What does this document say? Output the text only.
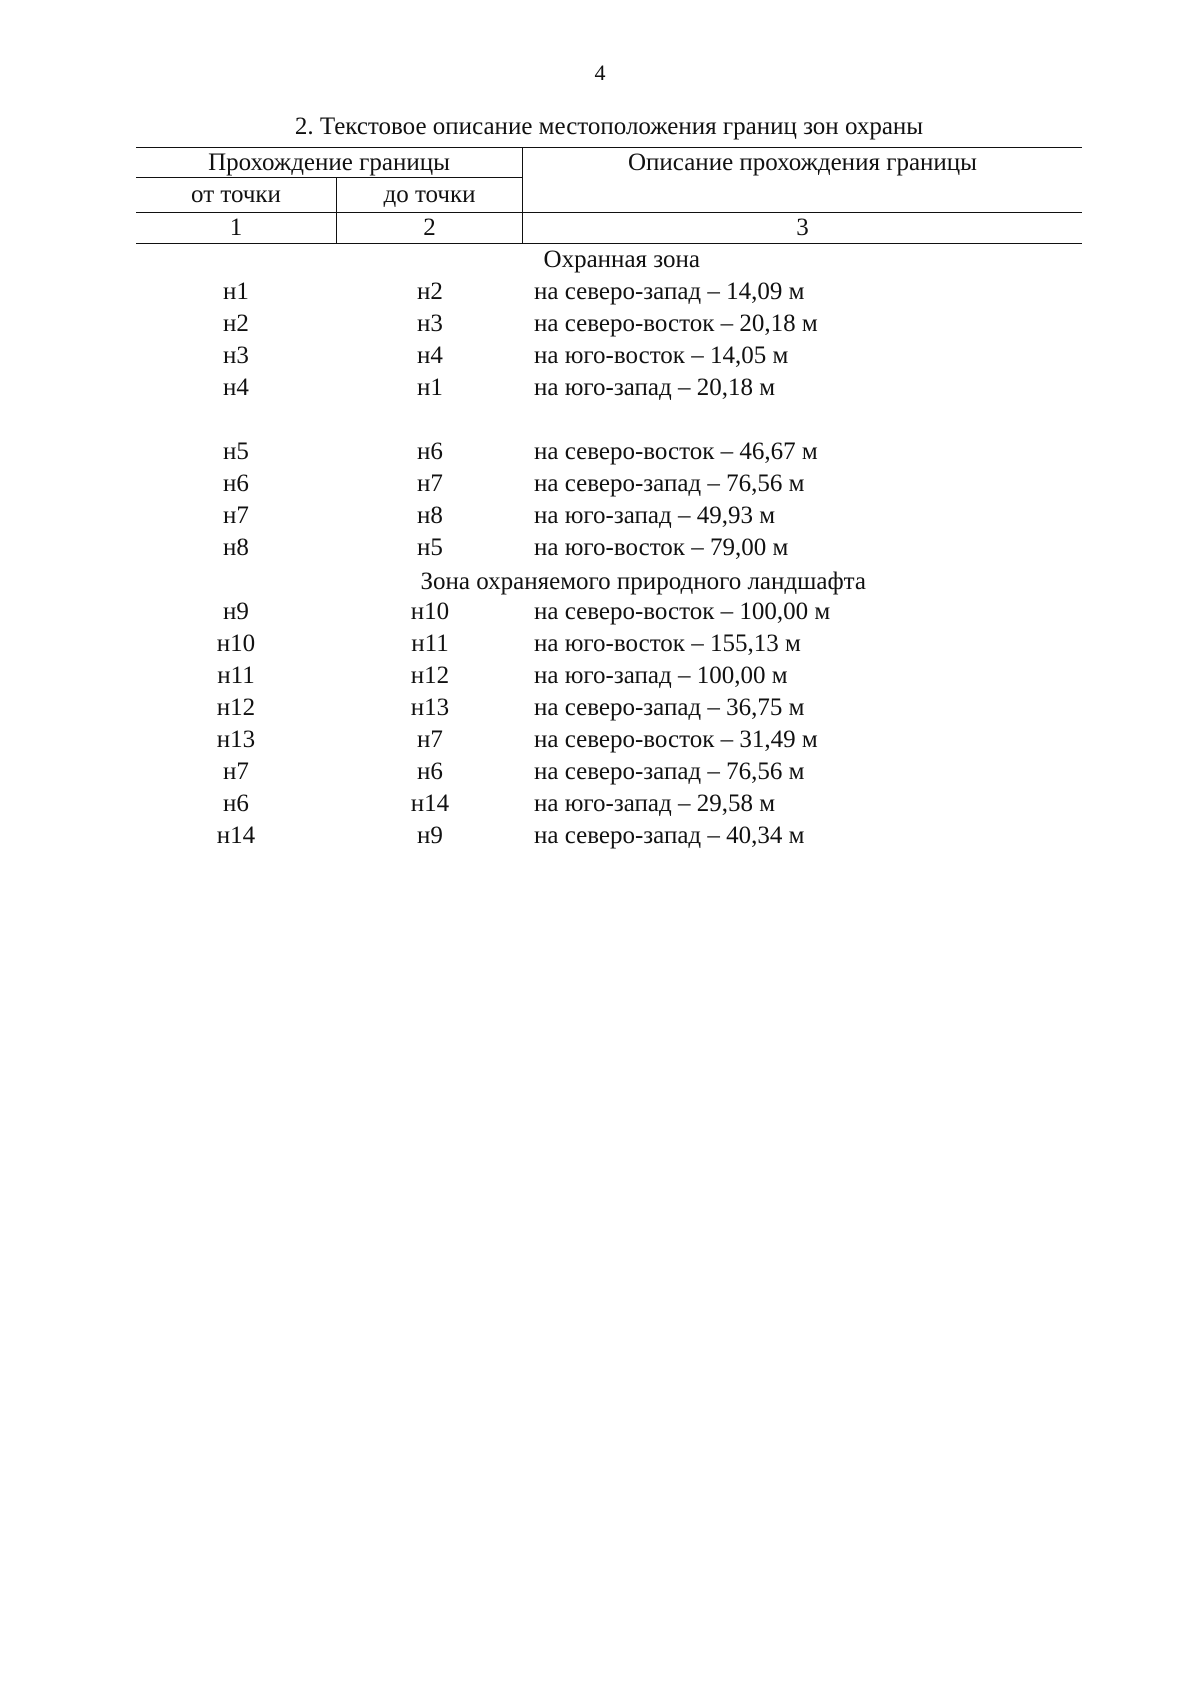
4
2. Текстовое описание местоположения границ зон охраны
Прохождение границы	Описание прохождения границы
от точки	до точки
1	2	3
Охранная зона
н1	н2	на северо-запад – 14,09 м
н2	н3	на северо-восток – 20,18 м
н3	н4	на юго-восток – 14,05 м
н4	н1	на юго-запад – 20,18 м
н5	н6	на северо-восток – 46,67 м
н6	н7	на северо-запад – 76,56 м
н7	н8	на юго-запад – 49,93 м
н8	н5	на юго-восток – 79,00 м
Зона охраняемого природного ландшафта
н9	н10	на северо-восток – 100,00 м
н10	н11	на юго-восток – 155,13 м
н11	н12	на юго-запад – 100,00 м
н12	н13	на северо-запад – 36,75 м
н13	н7	на северо-восток – 31,49 м
н7	н6	на северо-запад – 76,56 м
н6	н14	на юго-запад – 29,58 м
н14	н9	на северо-запад – 40,34 м
